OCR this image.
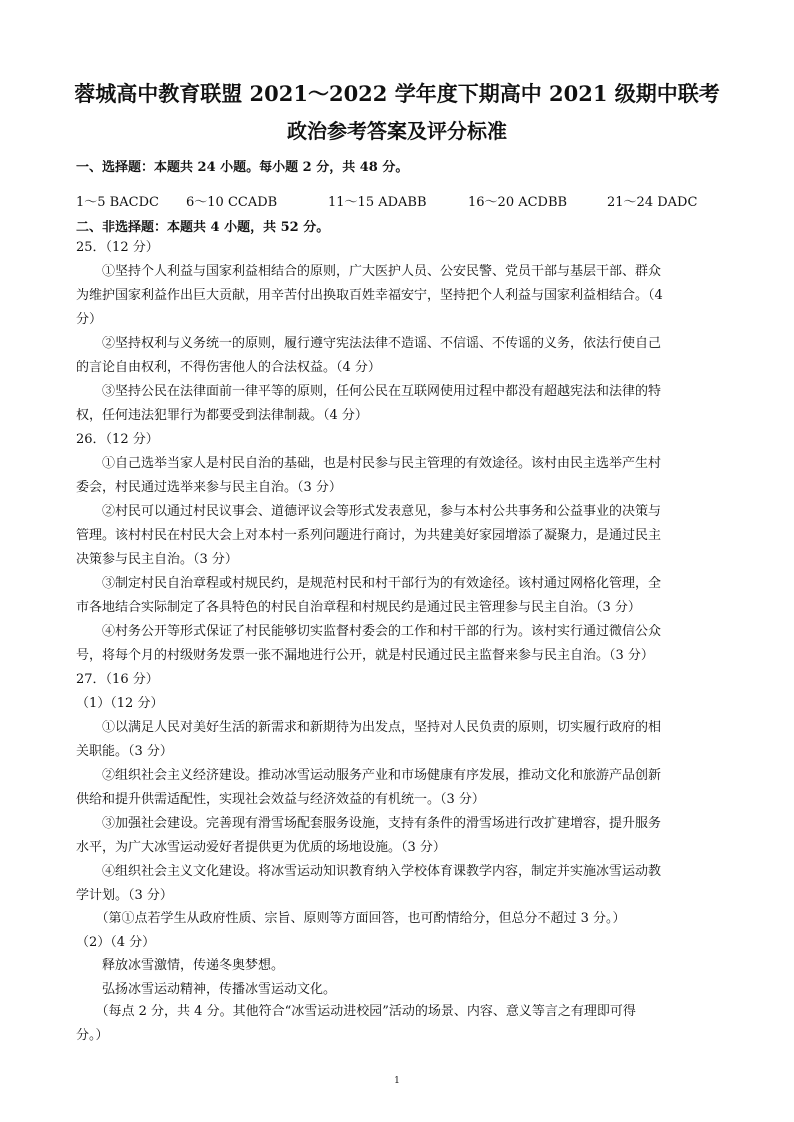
蓉城高中教育联盟 2021～2022 学年度下期高中 2021 级期中联考
政治参考答案及评分标准
一、选择题：本题共 24 小题。每小题 2 分，共 48 分。
1～5 BACDC 6～10 CCADB	11～15 ADABB	16～20 ACDBB	21～24 DADC
二、非选择题：本题共 4 小题，共 52 分。
25．（12 分）
　　①坚持个人利益与国家利益相结合的原则，广大医护人员、公安民警、党员干部与基层干部、群众
为维护国家利益作出巨大贡献，用辛苦付出换取百姓幸福安宁，坚持把个人利益与国家利益相结合。（4
分）
　　②坚持权利与义务统一的原则，履行遵守宪法法律不造谣、不信谣、不传谣的义务，依法行使自己
的言论自由权利，不得伤害他人的合法权益。（4 分）
　　③坚持公民在法律面前一律平等的原则，任何公民在互联网使用过程中都没有超越宪法和法律的特
权，任何违法犯罪行为都要受到法律制裁。（4 分）
26．（12 分）
　　①自己选举当家人是村民自治的基础，也是村民参与民主管理的有效途径。该村由民主选举产生村
委会，村民通过选举来参与民主自治。（3 分）
　　②村民可以通过村民议事会、道德评议会等形式发表意见，参与本村公共事务和公益事业的决策与
管理。该村村民在村民大会上对本村一系列问题进行商讨，为共建美好家园增添了凝聚力，是通过民主
决策参与民主自治。（3 分）
　　③制定村民自治章程或村规民约，是规范村民和村干部行为的有效途径。该村通过网格化管理，全
市各地结合实际制定了各具特色的村民自治章程和村规民约是通过民主管理参与民主自治。（3 分）
　　④村务公开等形式保证了村民能够切实监督村委会的工作和村干部的行为。该村实行通过微信公众
号，将每个月的村级财务发票一张不漏地进行公开，就是村民通过民主监督来参与民主自治。（3 分）
27．（16 分）
（1）（12 分）
　　①以满足人民对美好生活的新需求和新期待为出发点，坚持对人民负责的原则，切实履行政府的相
关职能。（3 分）
　　②组织社会主义经济建设。推动冰雪运动服务产业和市场健康有序发展，推动文化和旅游产品创新
供给和提升供需适配性，实现社会效益与经济效益的有机统一。（3 分）
　　③加强社会建设。完善现有滑雪场配套服务设施，支持有条件的滑雪场进行改扩建增容，提升服务
水平，为广大冰雪运动爱好者提供更为优质的场地设施。（3 分）
　　④组织社会主义文化建设。将冰雪运动知识教育纳入学校体育课教学内容，制定并实施冰雪运动教
学计划。（3 分）
　　（第①点若学生从政府性质、宗旨、原则等方面回答，也可酌情给分，但总分不超过 3 分。）
（2）（4 分）
　　释放冰雪激情，传递冬奥梦想。
　　弘扬冰雪运动精神，传播冰雪运动文化。
　　（每点 2 分，共 4 分。其他符合“冰雪运动进校园”活动的场景、内容、意义等言之有理即可得
分。）
1
